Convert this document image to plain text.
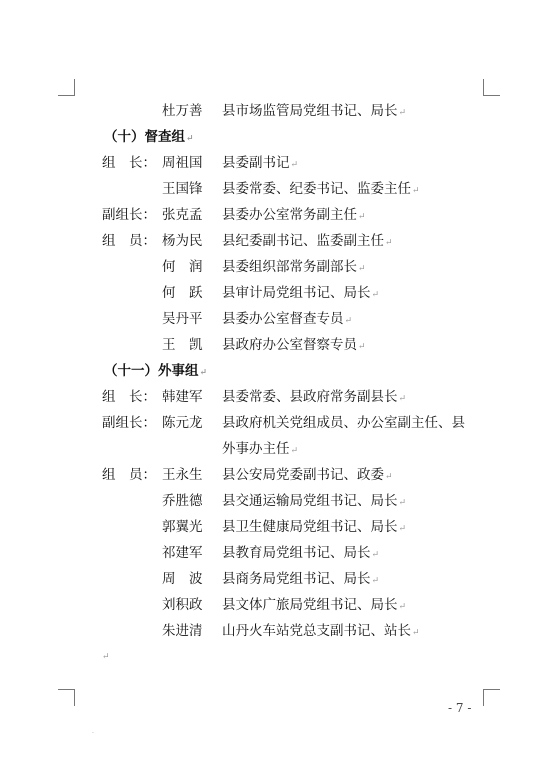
杜万善 县市场监管局党组书记、局长↵
（十）督查组↵
组　长： 周祖国 县委副书记↵
王国锋 县委常委、纪委书记、监委主任↵
副组长： 张克孟 县委办公室常务副主任↵
组　员： 杨为民 县纪委副书记、监委副主任↵
何　润 县委组织部常务副部长↵
何　跃 县审计局党组书记、局长↵
吴丹平 县委办公室督查专员↵
王　凯 县政府办公室督察专员↵
（十一）外事组↵
组　长： 韩建军 县委常委、县政府常务副县长↵
副组长： 陈元龙 县政府机关党组成员、办公室副主任、县
外事办主任↵
组　员： 王永生 县公安局党委副书记、政委↵
乔胜德 县交通运输局党组书记、局长↵
郭翼光 县卫生健康局党组书记、局长↵
祁建军 县教育局党组书记、局长↵
周　波 县商务局党组书记、局长↵
刘积政 县文体广旅局党组书记、局长↵
朱进清 山丹火车站党总支副书记、站长↵
↵
- 7 -
.
